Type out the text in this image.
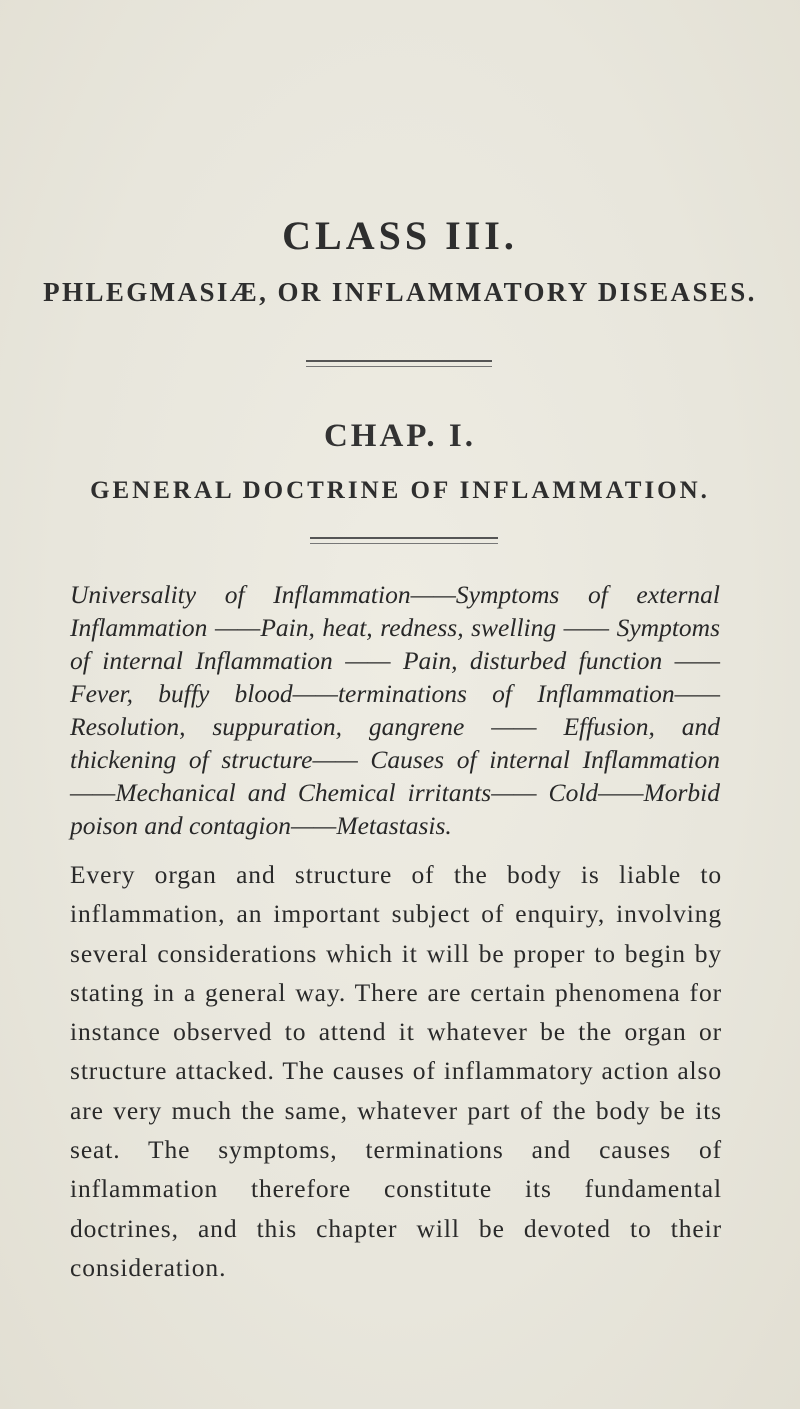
CLASS III.
PHLEGMASIÆ, OR INFLAMMATORY DISEASES.
CHAP. I.
GENERAL DOCTRINE OF INFLAMMATION.
Universality of Inflammation——Symptoms of external Inflammation ——Pain, heat, redness, swelling —— Symptoms of internal Inflammation —— Pain, disturbed function —— Fever, buffy blood——terminations of Inflammation——Resolution, suppuration, gangrene —— Effusion, and thickening of structure—— Causes of internal Inflammation——Mechanical and Chemical irritants—— Cold——Morbid poison and contagion——Metastasis.
Every organ and structure of the body is liable to inflammation, an important subject of enquiry, involving several considerations which it will be proper to begin by stating in a general way. There are certain phenomena for instance observed to attend it whatever be the organ or structure attacked. The causes of inflammatory action also are very much the same, whatever part of the body be its seat. The symptoms, terminations and causes of inflammation therefore constitute its fundamental doctrines, and this chapter will be devoted to their consideration.
